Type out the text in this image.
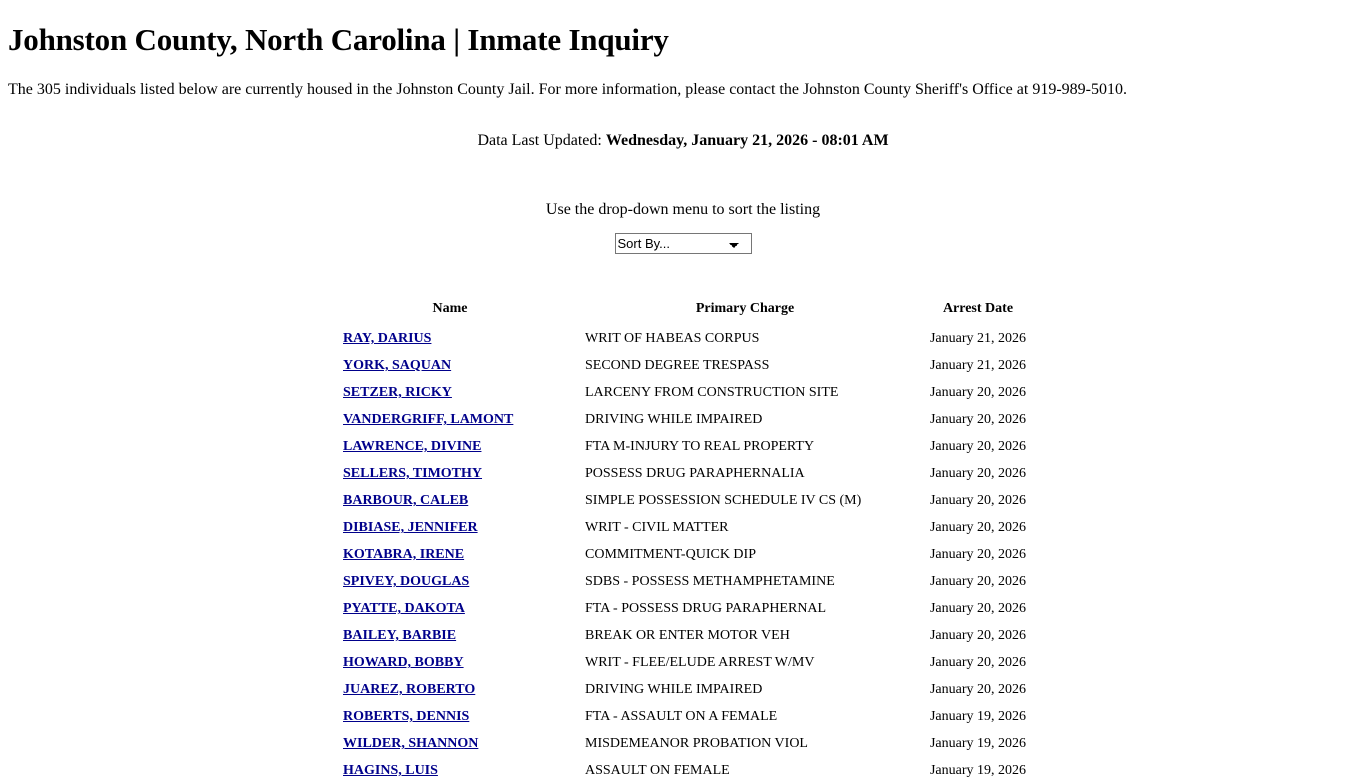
Johnston County, North Carolina | Inmate Inquiry

The 305 individuals listed below are currently housed in the Johnston County Jail. For more information, please contact the Johnston County Sheriff's Office at 919-989-5010.

Data Last Updated: Wednesday, January 21, 2026 - 08:01 AM
Use the drop-down menu to sort the listing
Sort By...
Name	Primary Charge	Arrest Date
RAY, DARIUS	WRIT OF HABEAS CORPUS	January 21, 2026
YORK, SAQUAN	SECOND DEGREE TRESPASS	January 21, 2026
SETZER, RICKY	LARCENY FROM CONSTRUCTION SITE	January 20, 2026
VANDERGRIFF, LAMONT	DRIVING WHILE IMPAIRED	January 20, 2026
LAWRENCE, DIVINE	FTA M-INJURY TO REAL PROPERTY	January 20, 2026
SELLERS, TIMOTHY	POSSESS DRUG PARAPHERNALIA	January 20, 2026
BARBOUR, CALEB	SIMPLE POSSESSION SCHEDULE IV CS (M)	January 20, 2026
DIBIASE, JENNIFER	WRIT - CIVIL MATTER	January 20, 2026
KOTABRA, IRENE	COMMITMENT-QUICK DIP	January 20, 2026
SPIVEY, DOUGLAS	SDBS - POSSESS METHAMPHETAMINE	January 20, 2026
PYATTE, DAKOTA	FTA - POSSESS DRUG PARAPHERNAL	January 20, 2026
BAILEY, BARBIE	BREAK OR ENTER MOTOR VEH	January 20, 2026
HOWARD, BOBBY	WRIT - FLEE/ELUDE ARREST W/MV	January 20, 2026
JUAREZ, ROBERTO	DRIVING WHILE IMPAIRED	January 20, 2026
ROBERTS, DENNIS	FTA - ASSAULT ON A FEMALE	January 19, 2026
WILDER, SHANNON	MISDEMEANOR PROBATION VIOL	January 19, 2026
HAGINS, LUIS	ASSAULT ON FEMALE	January 19, 2026
